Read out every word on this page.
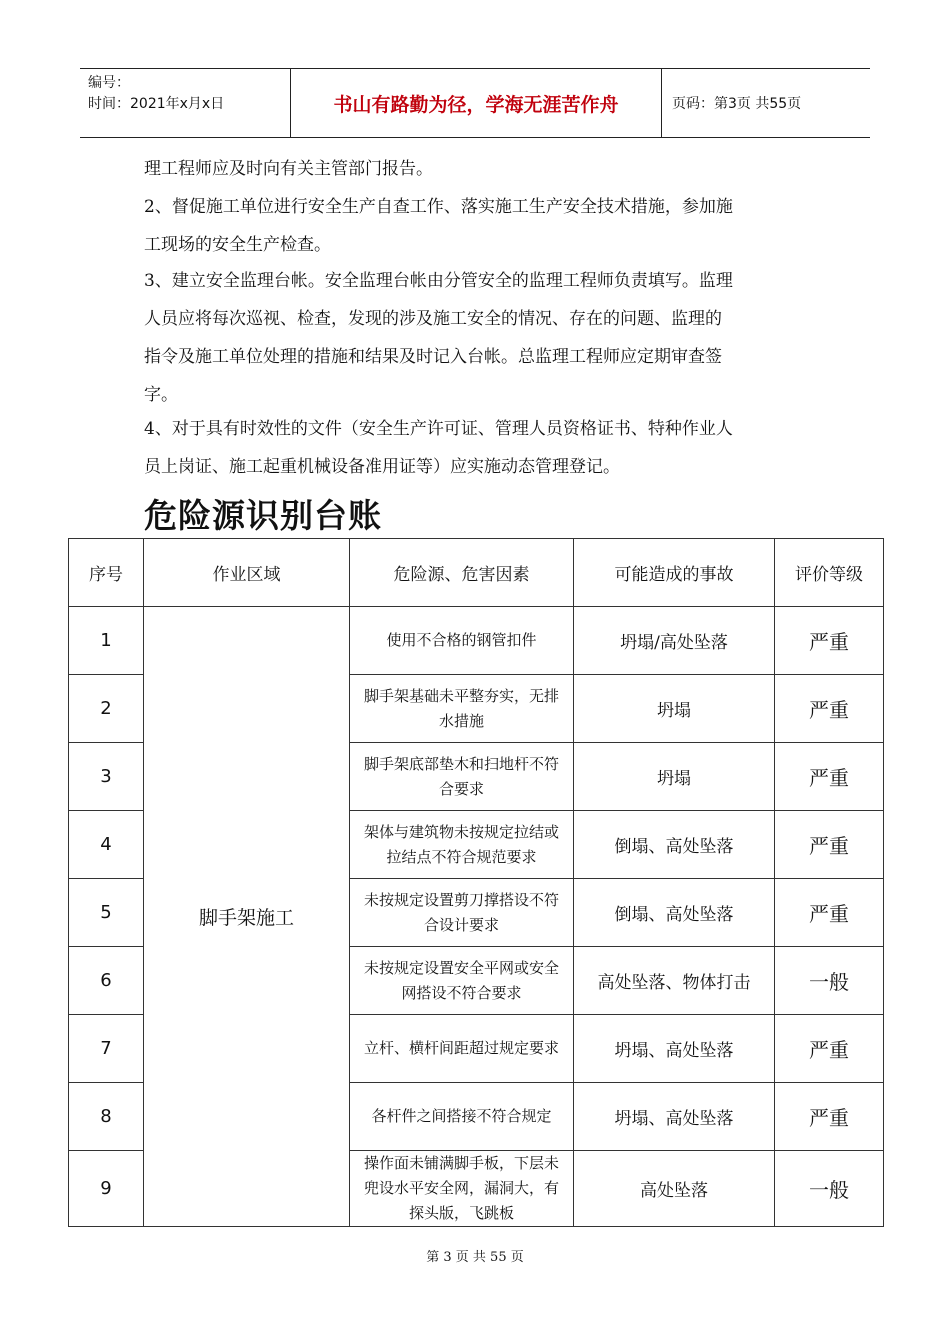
编号：
时间：2021年x月x日	书山有路勤为径，学海无涯苦作舟	页码：第3页 共55页

理工程师应及时向有关主管部门报告。

2、督促施工单位进行安全生产自查工作、落实施工生产安全技术措施，参加施

工现场的安全生产检查。

3、建立安全监理台帐。安全监理台帐由分管安全的监理工程师负责填写。监理

人员应将每次巡视、检查，发现的涉及施工安全的情况、存在的问题、监理的

指令及施工单位处理的措施和结果及时记入台帐。总监理工程师应定期审查签

字。

4、对于具有时效性的文件（安全生产许可证、管理人员资格证书、特种作业人

员上岗证、施工起重机械设备准用证等）应实施动态管理登记。

危险源识别台账
序号	作业区域	危险源、危害因素	可能造成的事故	评价等级
1	脚手架施工	使用不合格的钢管扣件	坍塌/高处坠落	严重
2		脚手架基础未平整夯实，无排水措施	坍塌	严重
3		脚手架底部垫木和扫地杆不符合要求	坍塌	严重
4		架体与建筑物未按规定拉结或拉结点不符合规范要求	倒塌、高处坠落	严重
5		未按规定设置剪刀撑搭设不符合设计要求	倒塌、高处坠落	严重
6		未按规定设置安全平网或安全网搭设不符合要求	高处坠落、物体打击	一般
7		立杆、横杆间距超过规定要求	坍塌、高处坠落	严重
8		各杆件之间搭接不符合规定	坍塌、高处坠落	严重
9		操作面未铺满脚手板，下层未兜设水平安全网，漏洞大，有探头版，飞跳板	高处坠落	一般
第 3 页 共 55 页
